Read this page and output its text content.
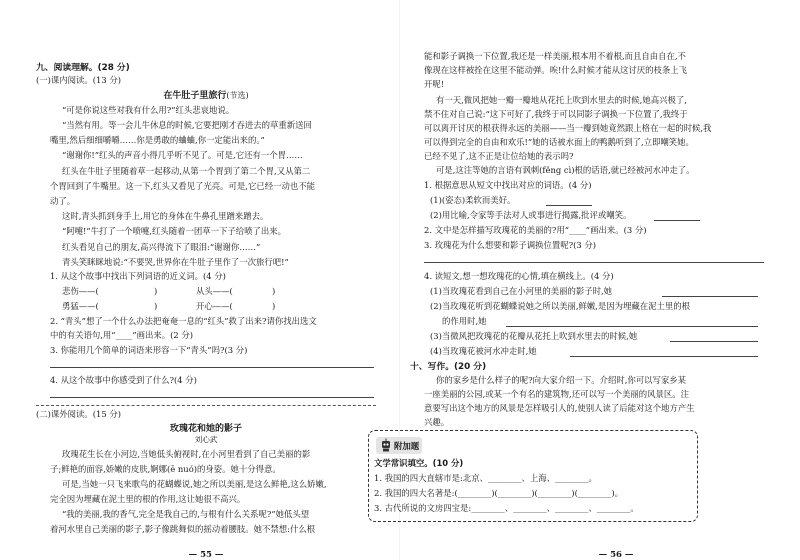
九、阅读理解。(28 分)

(一)课内阅读。(13 分)

在牛肚子里旅行(节选)

“可是你说这些对我有什么用?”红头悲哀地说。

“当然有用。等一会儿牛休息的时候,它要把刚才吞进去的草重新送回

嘴里,然后细细嚼嚼……你是勇敢的蛐蛐,你一定能出来的。”

“谢谢你!”红头的声音小得几乎听不见了。可是,它还有一个胃……

红头在牛肚子里随着草一起移动,从第一个胃到了第二个胃,又从第二

个胃回到了牛嘴里。这一下,红头又看见了光亮。可是,它已经一动也不能

动了。

这时,青头抓到身手上,用它的身体在牛鼻孔里蹭来蹭去。

“阿嚏!”牛打了一个喷嚏,红头随着一团草一下子给喷了出来。

红头看见自己的朋友,高兴得流下了眼泪:“谢谢你……”

青头笑眯眯地说:“不要哭,世界你在牛肚子里作了一次旅行吧!”

1. 从这个故事中找出下列词语的近义词。(4 分)

悲伤——(	)	从头——(	)

勇猛——(	)	开心——(	)

2. “青头”想了一个什么办法把奄奄一息的“红头”救了出来?请你找出选文

中的有关语句,用“____”画出来。(2 分)

3. 你能用几个简单的词语来形容一下“青头”吗?(3 分)

4. 从这个故事中你感受到了什么?(4 分)

(二)课外阅读。(15 分)

玫瑰花和她的影子

刘心武

玫瑰花生长在小河边,当她低头俯视时,在小河里看到了自己美丽的影

子;鲜艳的面容,娇嫩的皮肤,婀娜(ē nuó)的身姿。她十分得意。

可是,当她一只飞来歌鸟的花蝴蝶说,她之所以美丽,是这么鲜艳,这么娇嫩,

完全因为埋藏在泥土里的根的作用,这让她很不高兴。

“我的美丽,我的香气,完全是我自己的,与根有什么关系呢?”她低头望

着河水里自己美丽的影子,影子像跳舞似的摇动着腰肢。她不禁想:什么根

— 55 —

能和影子调换一下位置,我还是一样美丽,根本用不着根,而且自由自在,不

像现在这样被拴在这里不能动弹。唉!什么时候才能从这讨厌的枝条上飞

开呢!

有一天,微风把她一瓣一瓣地从花托上吹到水里去的时候,她高兴极了,

禁不住对自己说:“这下可好了,我终于可以同影子调换一下位置了,我终于

可以离开讨厌的根获得永远的美丽——当一瓣到她竟然跟上格在一起的时候,我

可以得到完全的自由和欢乐!”她的话被水面上的鸭鹅听到了,立即嘲笑她。

已经不见了,这不正是让位给她的表示吗?

可是,这注等她的言语有讽刺(fěng cì)根的话语,就已经被河水冲走了。

1. 根据意思从短文中找出对应的词语。(4 分)

(1)(姿态)柔软而美好。

(2)用比喻,令家等手法对人或事进行揭露,批评或嘲笑。

2. 文中是怎样描写玫瑰花的美丽的?用“____”画出来。(3 分)

3. 玫瑰花为什么想要和影子调换位置呢?(3 分)

4. 读短文,想一想玫瑰花的心情,填在横线上。(4 分)

(1)当玫瑰花看到自己在小河里的美丽的影子时,她

(2)当玫瑰花听到花蝴蝶说她之所以美丽,鲜嫩,是因为埋藏在泥土里的根

的作用时,她

(3)当微风把玫瑰花的花瓣从花托上吹到水里去的时候,她

(4)当玫瑰花被河水冲走时,她

十、写作。(20 分)

你的家乡是什么样子的呢?向大家介绍一下。介绍时,你可以写家乡某

一座美丽的公园,或某一个有名的建筑物,还可以写一个美丽的风景区。注

意要写出这个地方的风景是怎样吸引人的,使别人读了后能对这个地方产生

兴趣。

附加题

文学常识填空。(10 分)

1. 我国的四大直辖市是:北京、________、上海、________。

2. 我国的四大名著是:(________)(________)(________)(________)。

3. 古代所说的文房四宝是:________、________、________、________。

— 56 —
